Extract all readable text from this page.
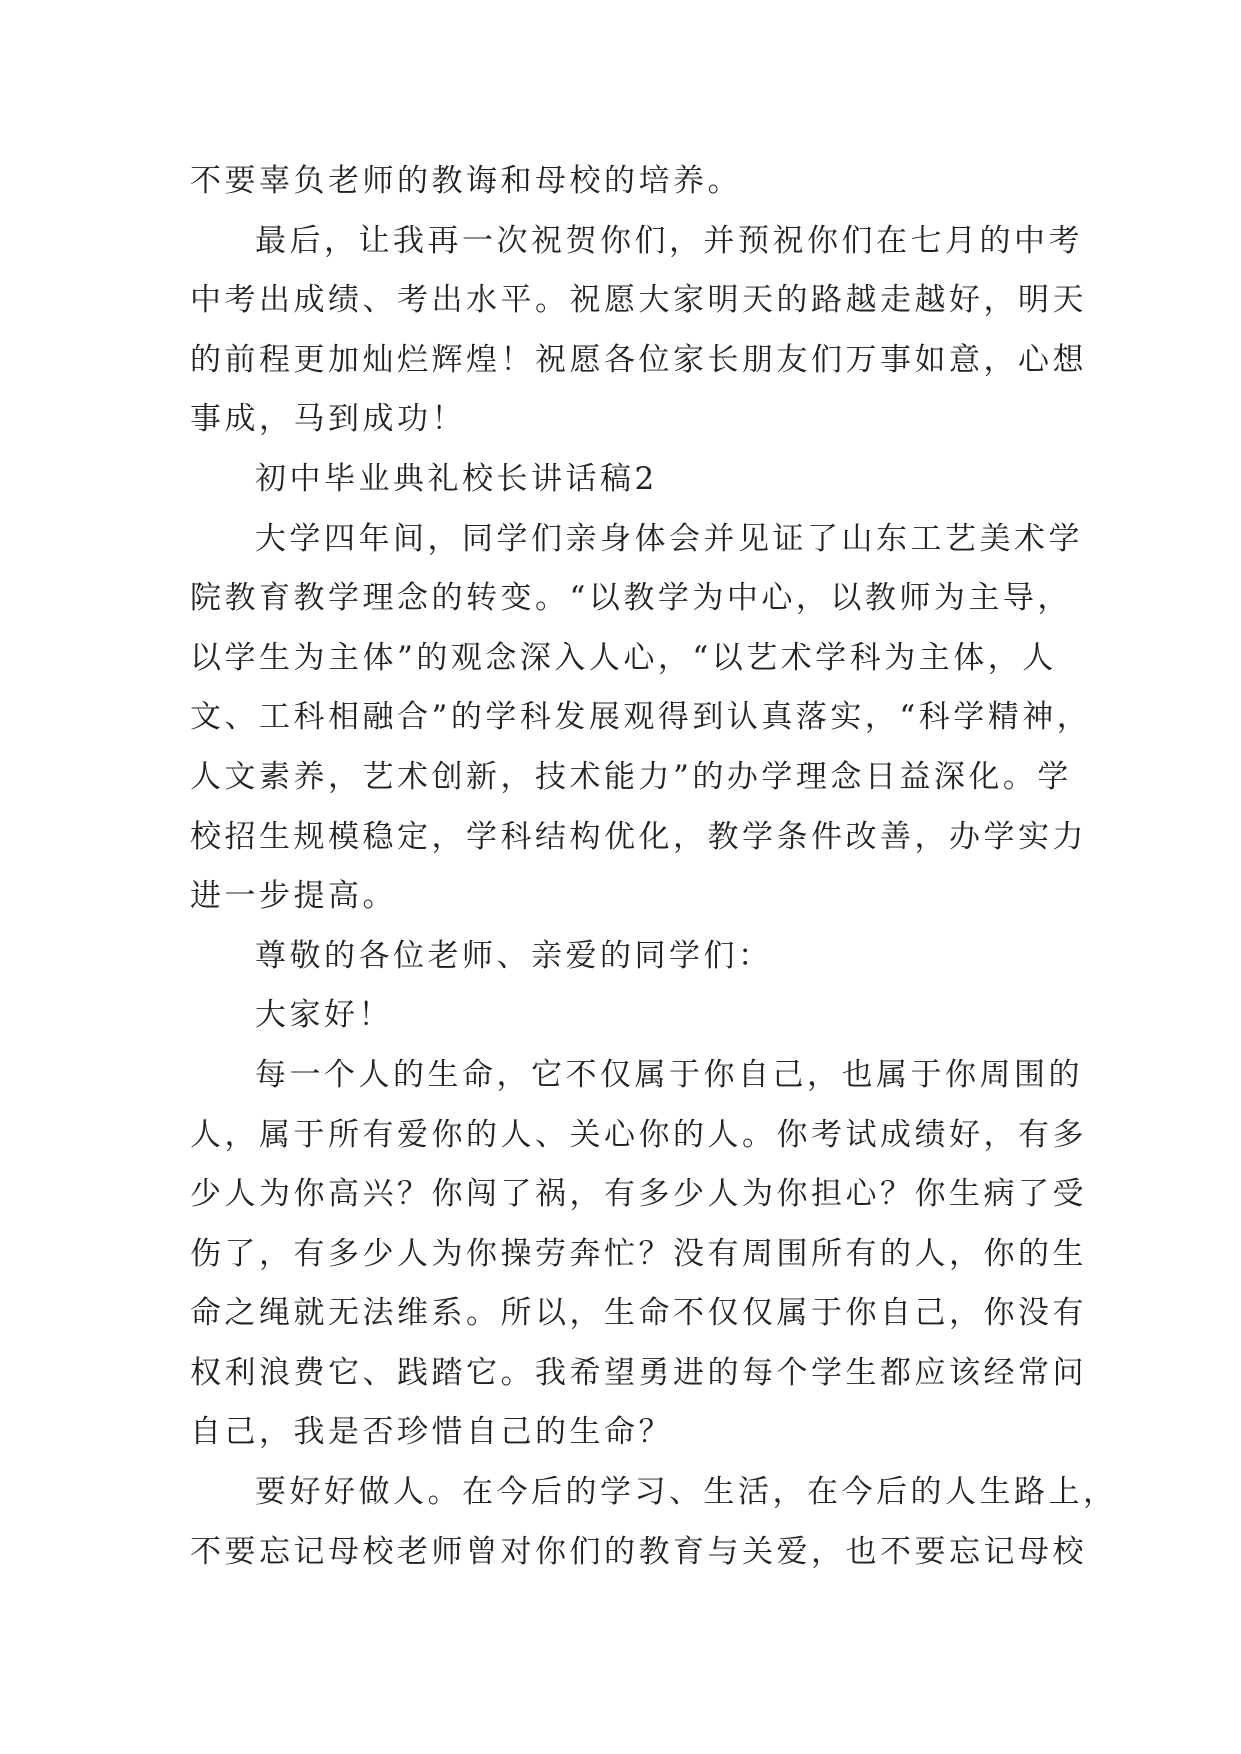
不要辜负老师的教诲和母校的培养。
最后，让我再一次祝贺你们，并预祝你们在七月的中考
中考出成绩、考出水平。祝愿大家明天的路越走越好，明天
的前程更加灿烂辉煌！祝愿各位家长朋友们万事如意，心想
事成，马到成功！
初中毕业典礼校长讲话稿2
大学四年间，同学们亲身体会并见证了山东工艺美术学
院教育教学理念的转变。“以教学为中心，以教师为主导，
以学生为主体”的观念深入人心，“以艺术学科为主体，人
文、工科相融合”的学科发展观得到认真落实，“科学精神，
人文素养，艺术创新，技术能力”的办学理念日益深化。学
校招生规模稳定，学科结构优化，教学条件改善，办学实力
进一步提高。
尊敬的各位老师、亲爱的同学们：
大家好！
每一个人的生命，它不仅属于你自己，也属于你周围的
人，属于所有爱你的人、关心你的人。你考试成绩好，有多
少人为你高兴？你闯了祸，有多少人为你担心？你生病了受
伤了，有多少人为你操劳奔忙？没有周围所有的人，你的生
命之绳就无法维系。所以，生命不仅仅属于你自己，你没有
权利浪费它、践踏它。我希望勇进的每个学生都应该经常问
自己，我是否珍惜自己的生命？
要好好做人。在今后的学习、生活，在今后的人生路上，
不要忘记母校老师曾对你们的教育与关爱，也不要忘记母校
